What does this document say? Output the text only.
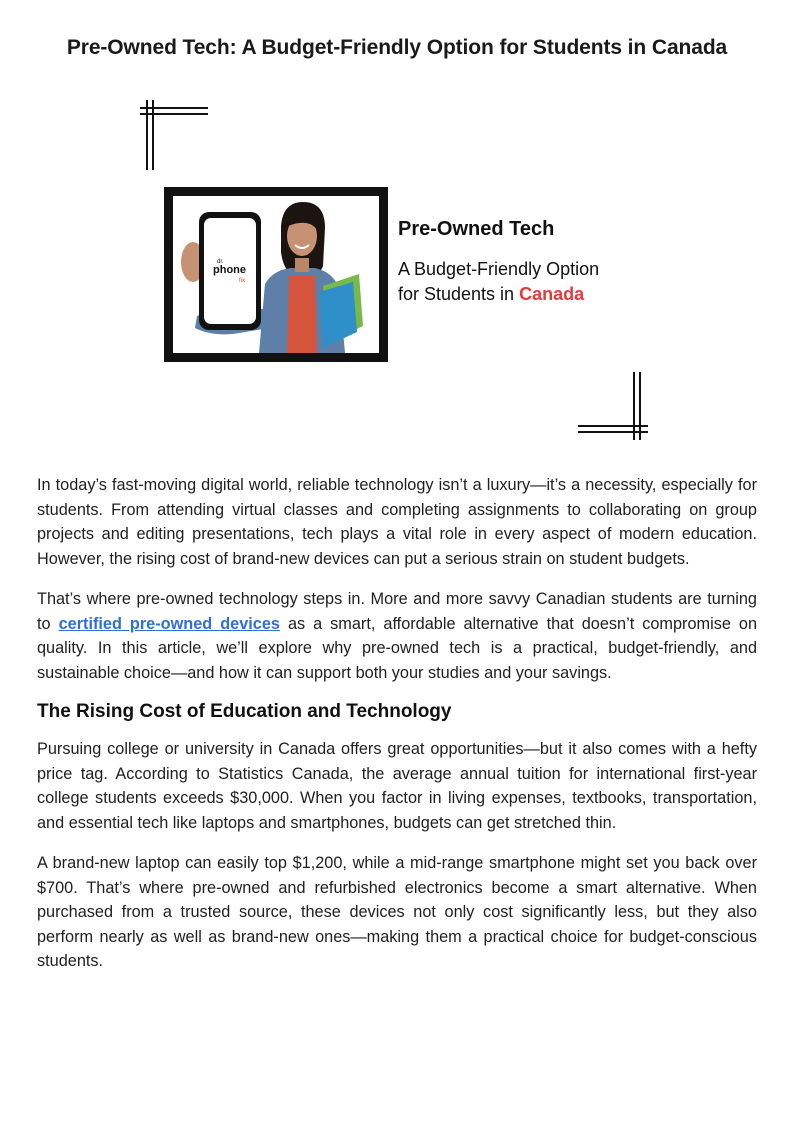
Pre-Owned Tech: A Budget-Friendly Option for Students in Canada
dr.
phone
fix

Pre-Owned Tech

A Budget-Friendly Option
for Students in Canada

In today’s fast-moving digital world, reliable technology isn’t a luxury—it’s a necessity, especially for students. From attending virtual classes and completing assignments to collaborating on group projects and editing presentations, tech plays a vital role in every aspect of modern education. However, the rising cost of brand-new devices can put a serious strain on student budgets.

That’s where pre-owned technology steps in. More and more savvy Canadian students are turning to certified pre-owned devices as a smart, affordable alternative that doesn’t compromise on quality. In this article, we’ll explore why pre-owned tech is a practical, budget-friendly, and sustainable choice—and how it can support both your studies and your savings.

The Rising Cost of Education and Technology

Pursuing college or university in Canada offers great opportunities—but it also comes with a hefty price tag. According to Statistics Canada, the average annual tuition for international first-year college students exceeds $30,000. When you factor in living expenses, textbooks, transportation, and essential tech like laptops and smartphones, budgets can get stretched thin.

A brand-new laptop can easily top $1,200, while a mid-range smartphone might set you back over $700. That’s where pre-owned and refurbished electronics become a smart alternative. When purchased from a trusted source, these devices not only cost significantly less, but they also perform nearly as well as brand-new ones—making them a practical choice for budget-conscious students.
